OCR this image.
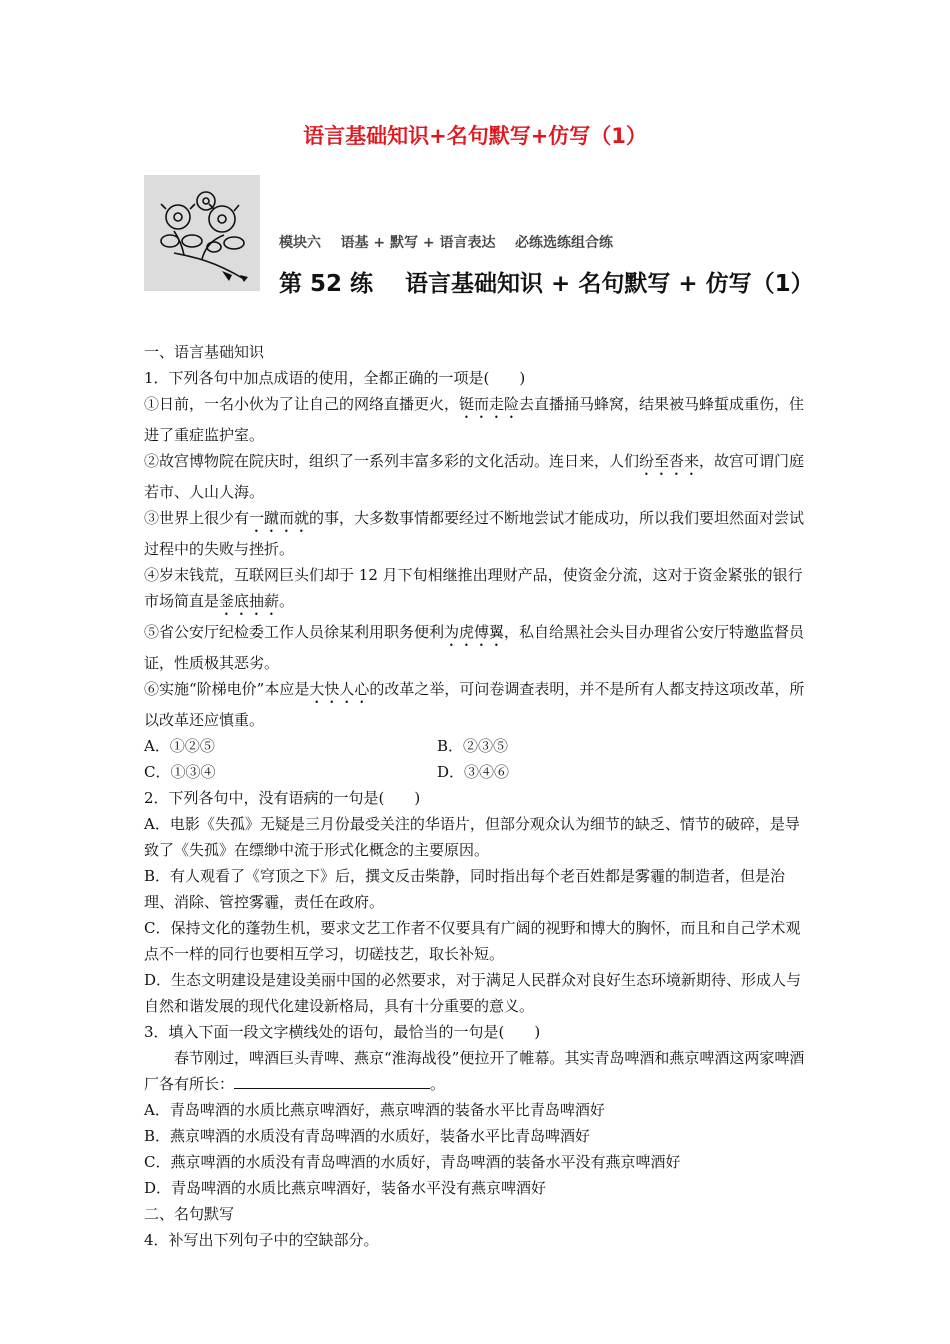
语言基础知识+名句默写+仿写（1）
模块六    语基 + 默写 + 语言表达    必练选练组合练
第 52 练    语言基础知识 + 名句默写 + 仿写（1）

一、语言基础知识

1．下列各句中加点成语的使用，全都正确的一项是(　　)

①日前，一名小伙为了让自己的网络直播更火，铤而走险去直播捅马蜂窝，结果被马蜂蜇成重伤，住进了重症监护室。

②故宫博物院在院庆时，组织了一系列丰富多彩的文化活动。连日来，人们纷至沓来，故宫可谓门庭若市、人山人海。

③世界上很少有一蹴而就的事，大多数事情都要经过不断地尝试才能成功，所以我们要坦然面对尝试过程中的失败与挫折。

④岁末钱荒，互联网巨头们却于 12 月下旬相继推出理财产品，使资金分流，这对于资金紧张的银行市场简直是釜底抽薪。

⑤省公安厅纪检委工作人员徐某利用职务便利为虎傅翼，私自给黑社会头目办理省公安厅特邀监督员证，性质极其恶劣。

⑥实施“阶梯电价”本应是大快人心的改革之举，可问卷调查表明，并不是所有人都支持这项改革，所以改革还应慎重。

A．①②⑤	B．②③⑤

C．①③④	D．③④⑥

2．下列各句中，没有语病的一句是(　　)

A．电影《失孤》无疑是三月份最受关注的华语片，但部分观众认为细节的缺乏、情节的破碎，是导致了《失孤》在缥缈中流于形式化概念的主要原因。

B．有人观看了《穹顶之下》后，撰文反击柴静，同时指出每个老百姓都是雾霾的制造者，但是治理、消除、管控雾霾，责任在政府。

C．保持文化的蓬勃生机，要求文艺工作者不仅要具有广阔的视野和博大的胸怀，而且和自己学术观点不一样的同行也要相互学习，切磋技艺，取长补短。

D．生态文明建设是建设美丽中国的必然要求，对于满足人民群众对良好生态环境新期待、形成人与自然和谐发展的现代化建设新格局，具有十分重要的意义。

3．填入下面一段文字横线处的语句，最恰当的一句是(　　)

春节刚过，啤酒巨头青啤、燕京“淮海战役”便拉开了帷幕。其实青岛啤酒和燕京啤酒这两家啤酒厂各有所长：	。

A．青岛啤酒的水质比燕京啤酒好，燕京啤酒的装备水平比青岛啤酒好

B．燕京啤酒的水质没有青岛啤酒的水质好，装备水平比青岛啤酒好

C．燕京啤酒的水质没有青岛啤酒的水质好，青岛啤酒的装备水平没有燕京啤酒好

D．青岛啤酒的水质比燕京啤酒好，装备水平没有燕京啤酒好

二、名句默写

4．补写出下列句子中的空缺部分。
